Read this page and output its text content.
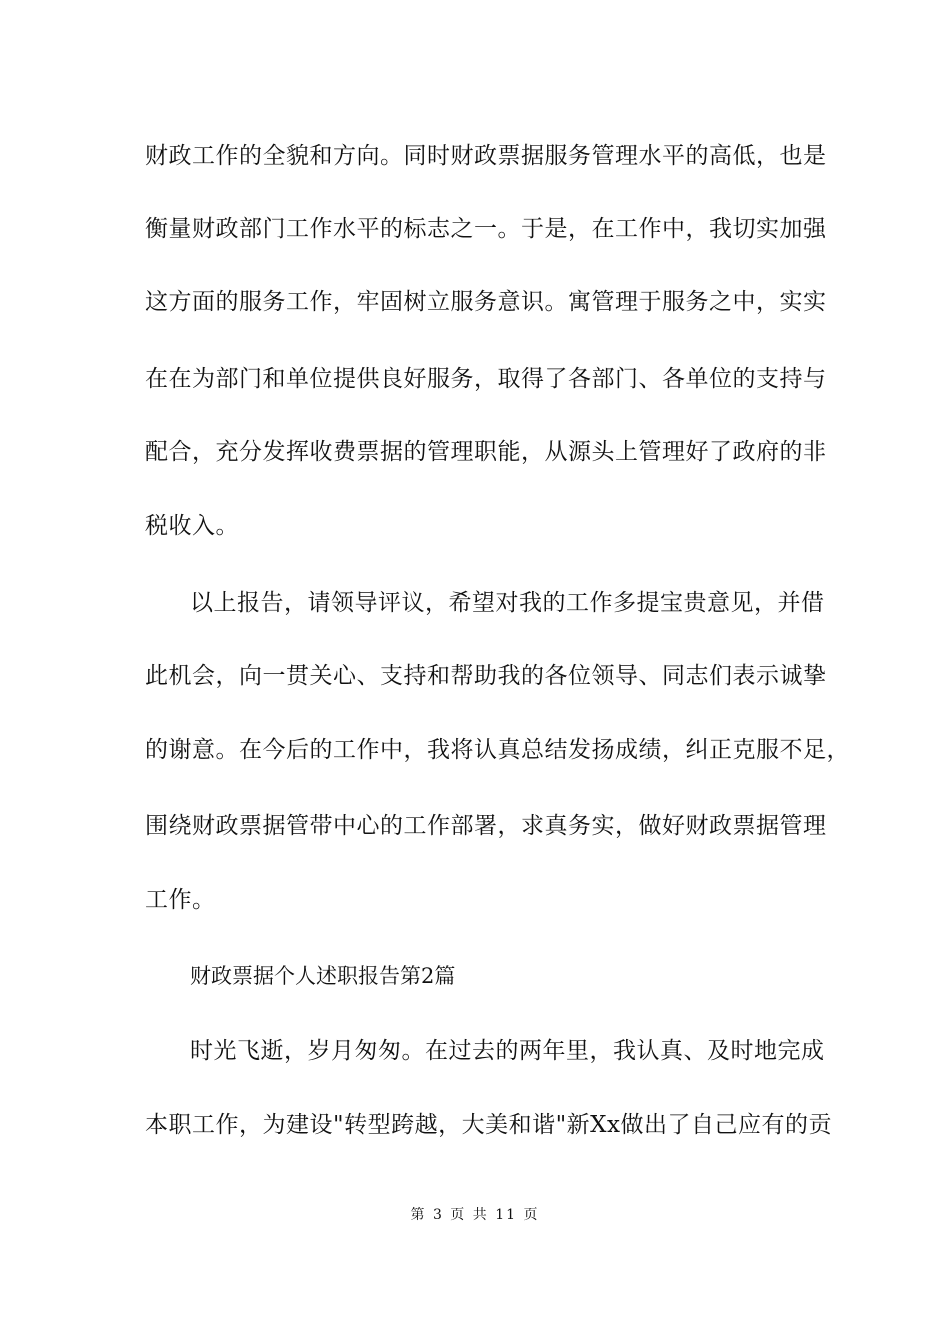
财政工作的全貌和方向。同时财政票据服务管理水平的高低，也是
衡量财政部门工作水平的标志之一。于是，在工作中，我切实加强
这方面的服务工作，牢固树立服务意识。寓管理于服务之中，实实
在在为部门和单位提供良好服务，取得了各部门、各单位的支持与
配合，充分发挥收费票据的管理职能，从源头上管理好了政府的非
税收入。
以上报告，请领导评议，希望对我的工作多提宝贵意见，并借
此机会，向一贯关心、支持和帮助我的各位领导、同志们表示诚挚
的谢意。在今后的工作中，我将认真总结发扬成绩，纠正克服不足，
围绕财政票据管带中心的工作部署，求真务实，做好财政票据管理
工作。
财政票据个人述职报告第2篇
时光飞逝，岁月匆匆。在过去的两年里，我认真、及时地完成
本职工作，为建设"转型跨越，大美和谐"新Xx做出了自己应有的贡
第 3 页 共 11 页
